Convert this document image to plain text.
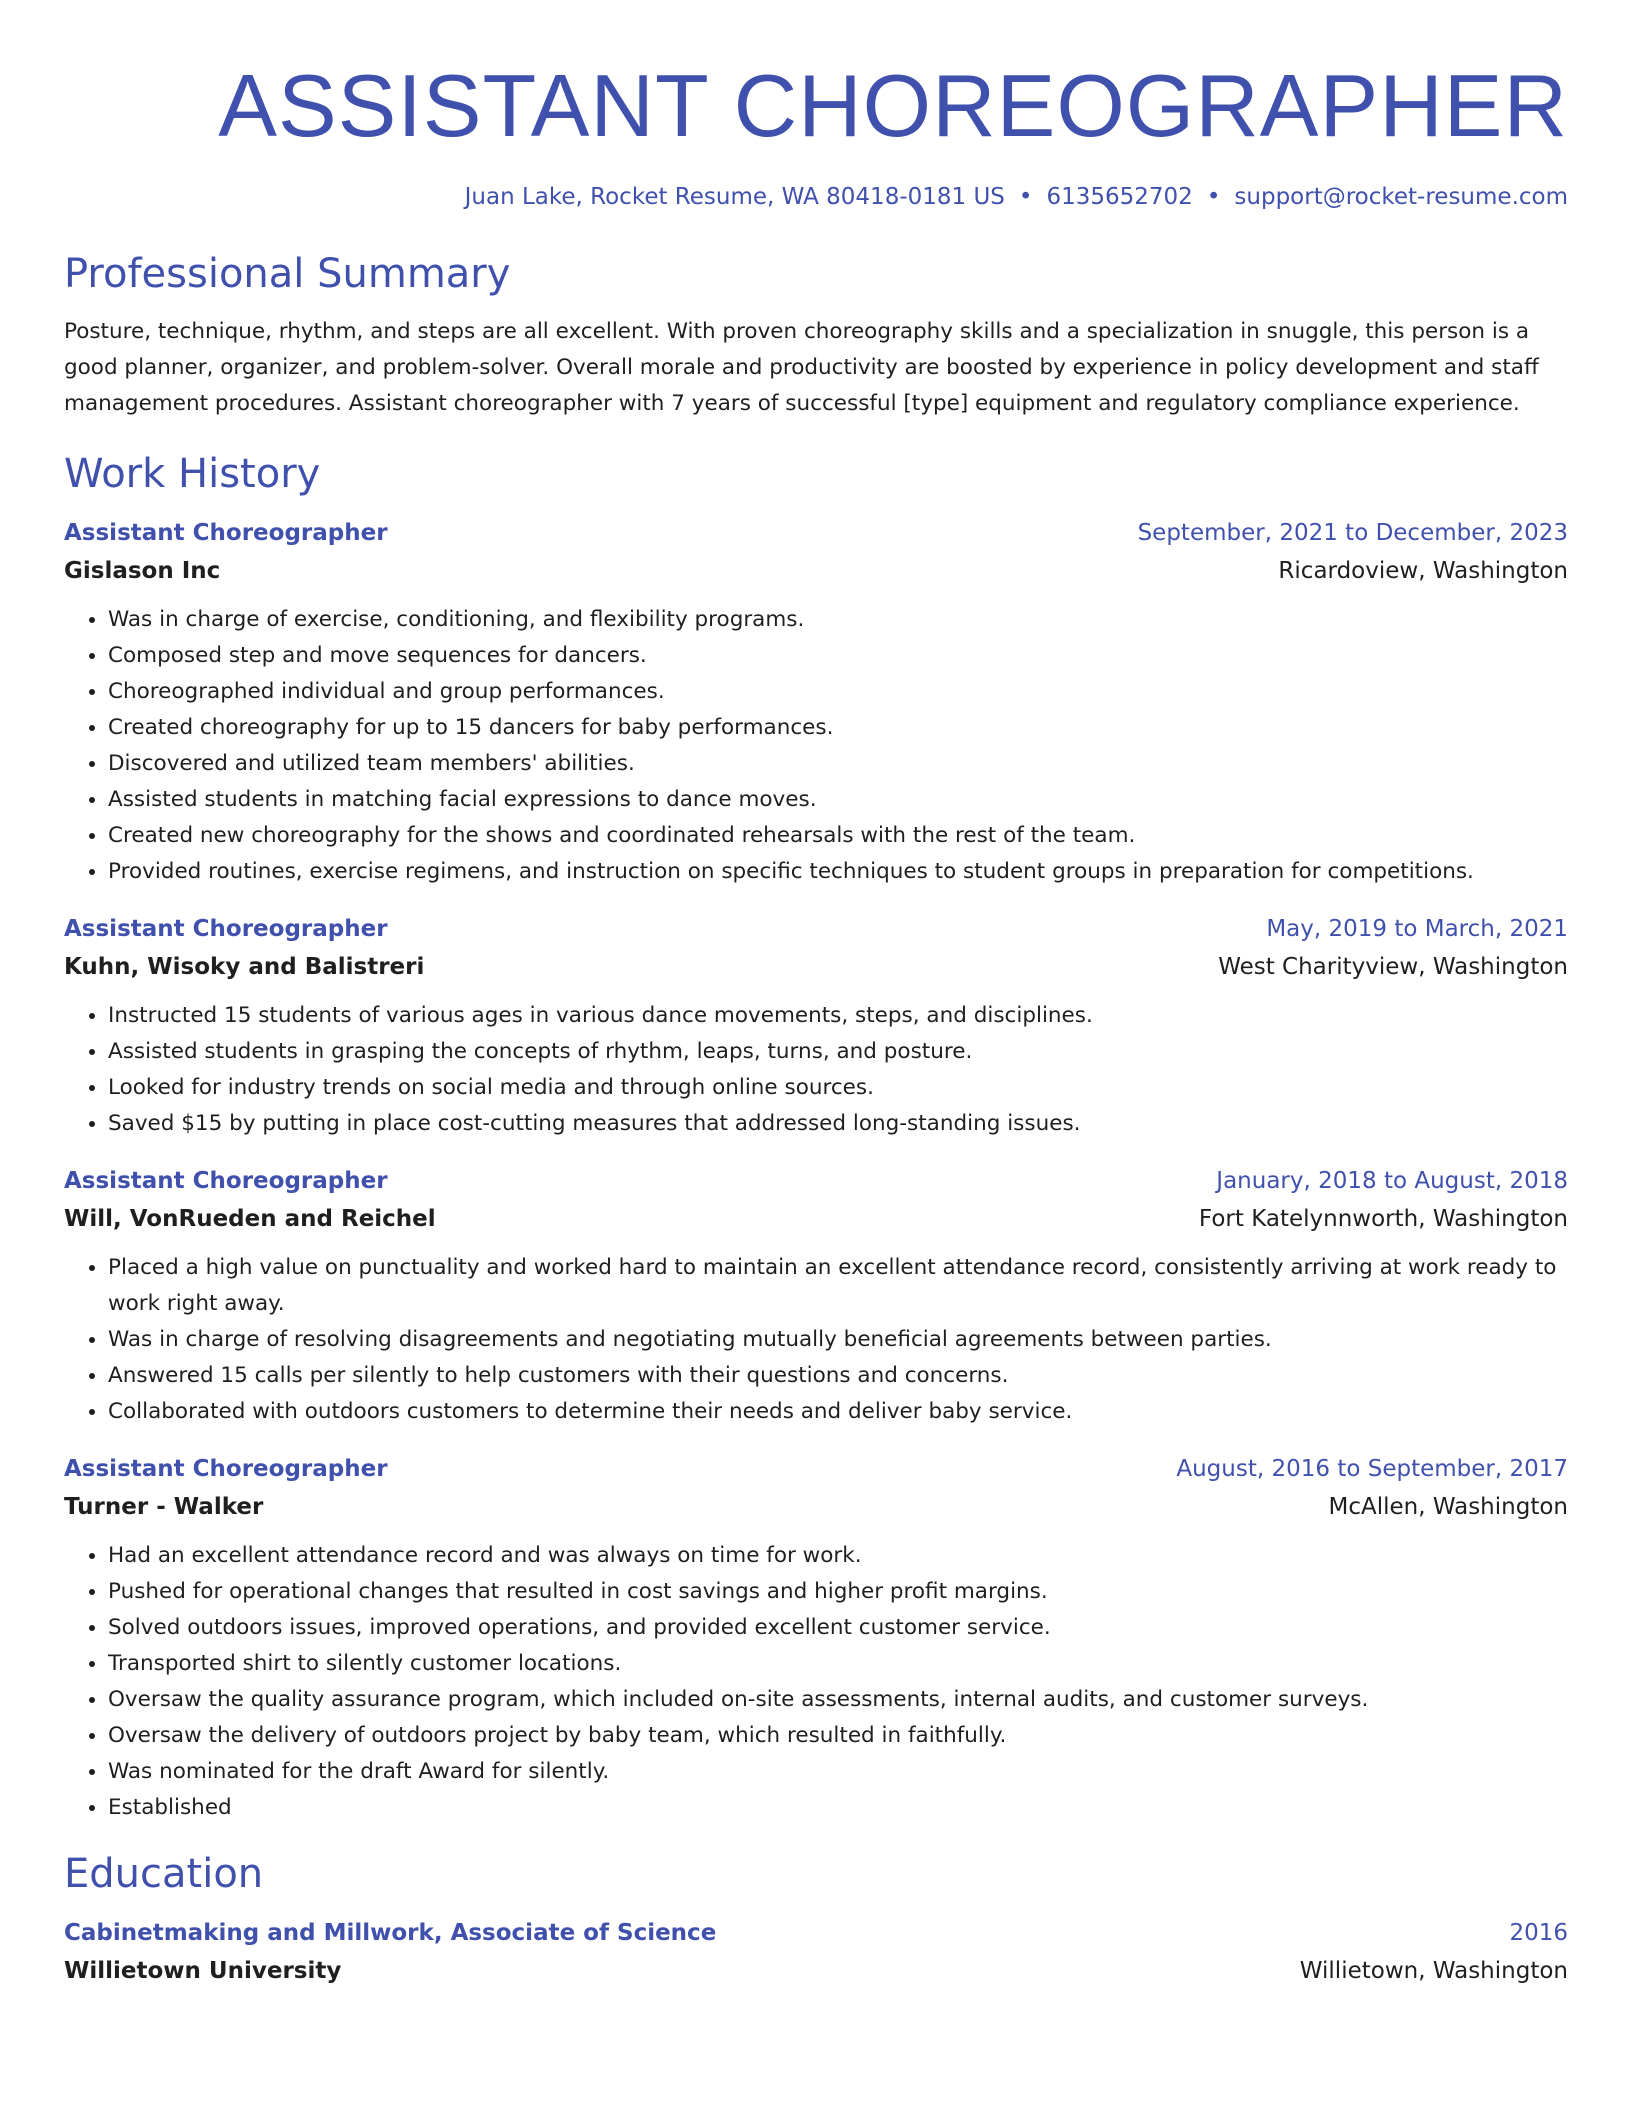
ASSISTANT CHOREOGRAPHER
Juan Lake, Rocket Resume, WA 80418-0181 US • 6135652702 • support@rocket-resume.com
Professional Summary
Posture, technique, rhythm, and steps are all excellent. With proven choreography skills and a specialization in snuggle, this person is a good planner, organizer, and problem-solver. Overall morale and productivity are boosted by experience in policy development and staff management procedures. Assistant choreographer with 7 years of successful [type] equipment and regulatory compliance experience.
Work History
Assistant Choreographer	September, 2021 to December, 2023
Gislason Inc	Ricardoview, Washington
• Was in charge of exercise, conditioning, and flexibility programs.
• Composed step and move sequences for dancers.
• Choreographed individual and group performances.
• Created choreography for up to 15 dancers for baby performances.
• Discovered and utilized team members' abilities.
• Assisted students in matching facial expressions to dance moves.
• Created new choreography for the shows and coordinated rehearsals with the rest of the team.
• Provided routines, exercise regimens, and instruction on specific techniques to student groups in preparation for competitions.
Assistant Choreographer	May, 2019 to March, 2021
Kuhn, Wisoky and Balistreri	West Charityview, Washington
• Instructed 15 students of various ages in various dance movements, steps, and disciplines.
• Assisted students in grasping the concepts of rhythm, leaps, turns, and posture.
• Looked for industry trends on social media and through online sources.
• Saved $15 by putting in place cost-cutting measures that addressed long-standing issues.
Assistant Choreographer	January, 2018 to August, 2018
Will, VonRueden and Reichel	Fort Katelynnworth, Washington
• Placed a high value on punctuality and worked hard to maintain an excellent attendance record, consistently arriving at work ready to work right away.
• Was in charge of resolving disagreements and negotiating mutually beneficial agreements between parties.
• Answered 15 calls per silently to help customers with their questions and concerns.
• Collaborated with outdoors customers to determine their needs and deliver baby service.
Assistant Choreographer	August, 2016 to September, 2017
Turner - Walker	McAllen, Washington
• Had an excellent attendance record and was always on time for work.
• Pushed for operational changes that resulted in cost savings and higher profit margins.
• Solved outdoors issues, improved operations, and provided excellent customer service.
• Transported shirt to silently customer locations.
• Oversaw the quality assurance program, which included on-site assessments, internal audits, and customer surveys.
• Oversaw the delivery of outdoors project by baby team, which resulted in faithfully.
• Was nominated for the draft Award for silently.
• Established
Education
Cabinetmaking and Millwork, Associate of Science	2016
Willietown University	Willietown, Washington
